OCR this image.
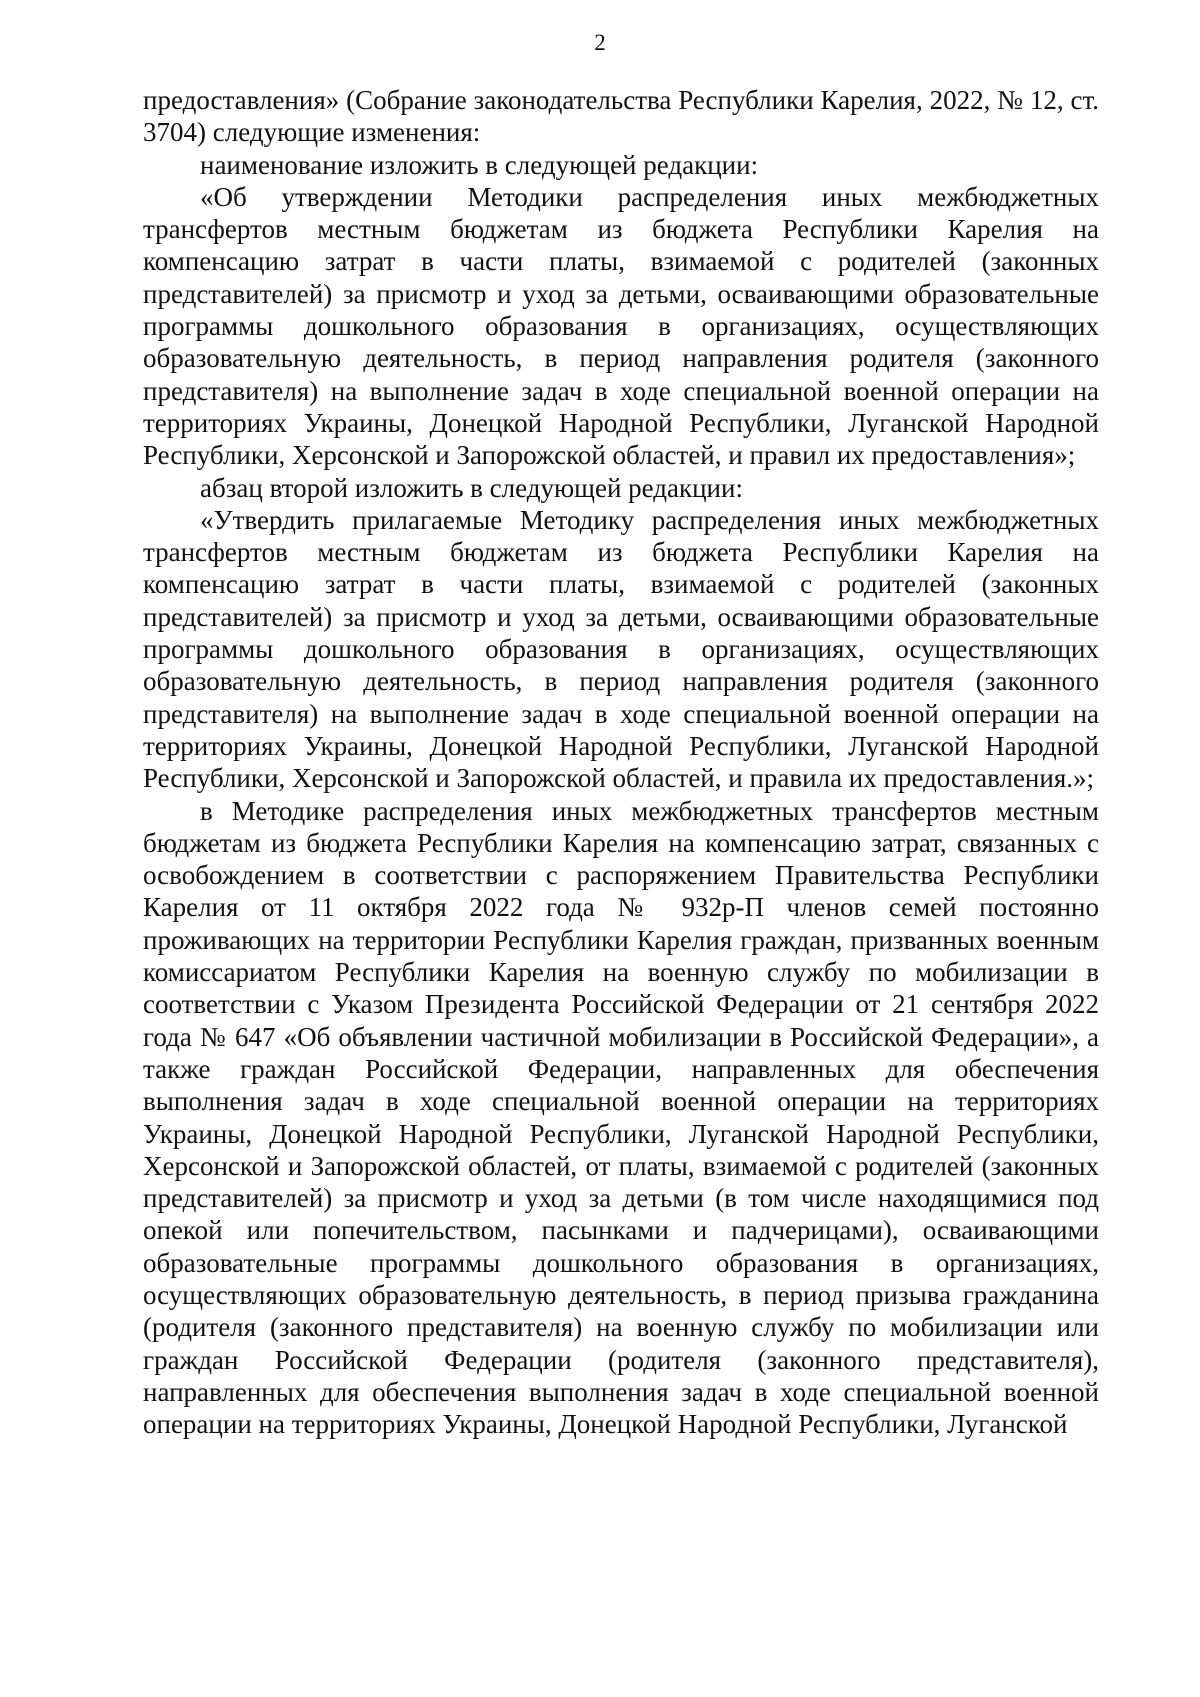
2

предоставления» (Собрание законодательства Республики Карелия, 2022, № 12, ст. 3704) следующие изменения:

наименование изложить в следующей редакции:

«Об утверждении Методики распределения иных межбюджетных трансфертов местным бюджетам из бюджета Республики Карелия на компенсацию затрат в части платы, взимаемой с родителей (законных представителей) за присмотр и уход за детьми, осваивающими образовательные программы дошкольного образования в организациях, осуществляющих образовательную деятельность, в период направления родителя (законного представителя) на выполнение задач в ходе специальной военной операции на территориях Украины, Донецкой Народной Республики, Луганской Народной Республики, Херсонской и Запорожской областей, и правил их предоставления»;

абзац второй изложить в следующей редакции:

«Утвердить прилагаемые Методику распределения иных межбюджетных трансфертов местным бюджетам из бюджета Республики Карелия на компенсацию затрат в части платы, взимаемой с родителей (законных представителей) за присмотр и уход за детьми, осваивающими образовательные программы дошкольного образования в организациях, осуществляющих образовательную деятельность, в период направления родителя (законного представителя) на выполнение задач в ходе специальной военной операции на территориях Украины, Донецкой Народной Республики, Луганской Народной Республики, Херсонской и Запорожской областей, и правила их предоставления.»;

в Методике распределения иных межбюджетных трансфертов местным бюджетам из бюджета Республики Карелия на компенсацию затрат, связанных с освобождением в соответствии с распоряжением Правительства Республики Карелия от 11 октября 2022 года № 932р-П членов семей постоянно проживающих на территории Республики Карелия граждан, призванных военным комиссариатом Республики Карелия на военную службу по мобилизации в соответствии с Указом Президента Российской Федерации от 21 сентября 2022 года № 647 «Об объявлении частичной мобилизации в Российской Федерации», а также граждан Российской Федерации, направленных для обеспечения выполнения задач в ходе специальной военной операции на территориях Украины, Донецкой Народной Республики, Луганской Народной Республики, Херсонской и Запорожской областей, от платы, взимаемой с родителей (законных представителей) за присмотр и уход за детьми (в том числе находящимися под опекой или попечительством, пасынками и падчерицами), осваивающими образовательные программы дошкольного образования в организациях, осуществляющих образовательную деятельность, в период призыва гражданина (родителя (законного представителя) на военную службу по мобилизации или граждан Российской Федерации (родителя (законного представителя), направленных для обеспечения выполнения задач в ходе специальной военной операции на территориях Украины, Донецкой Народной Республики, Луганской
